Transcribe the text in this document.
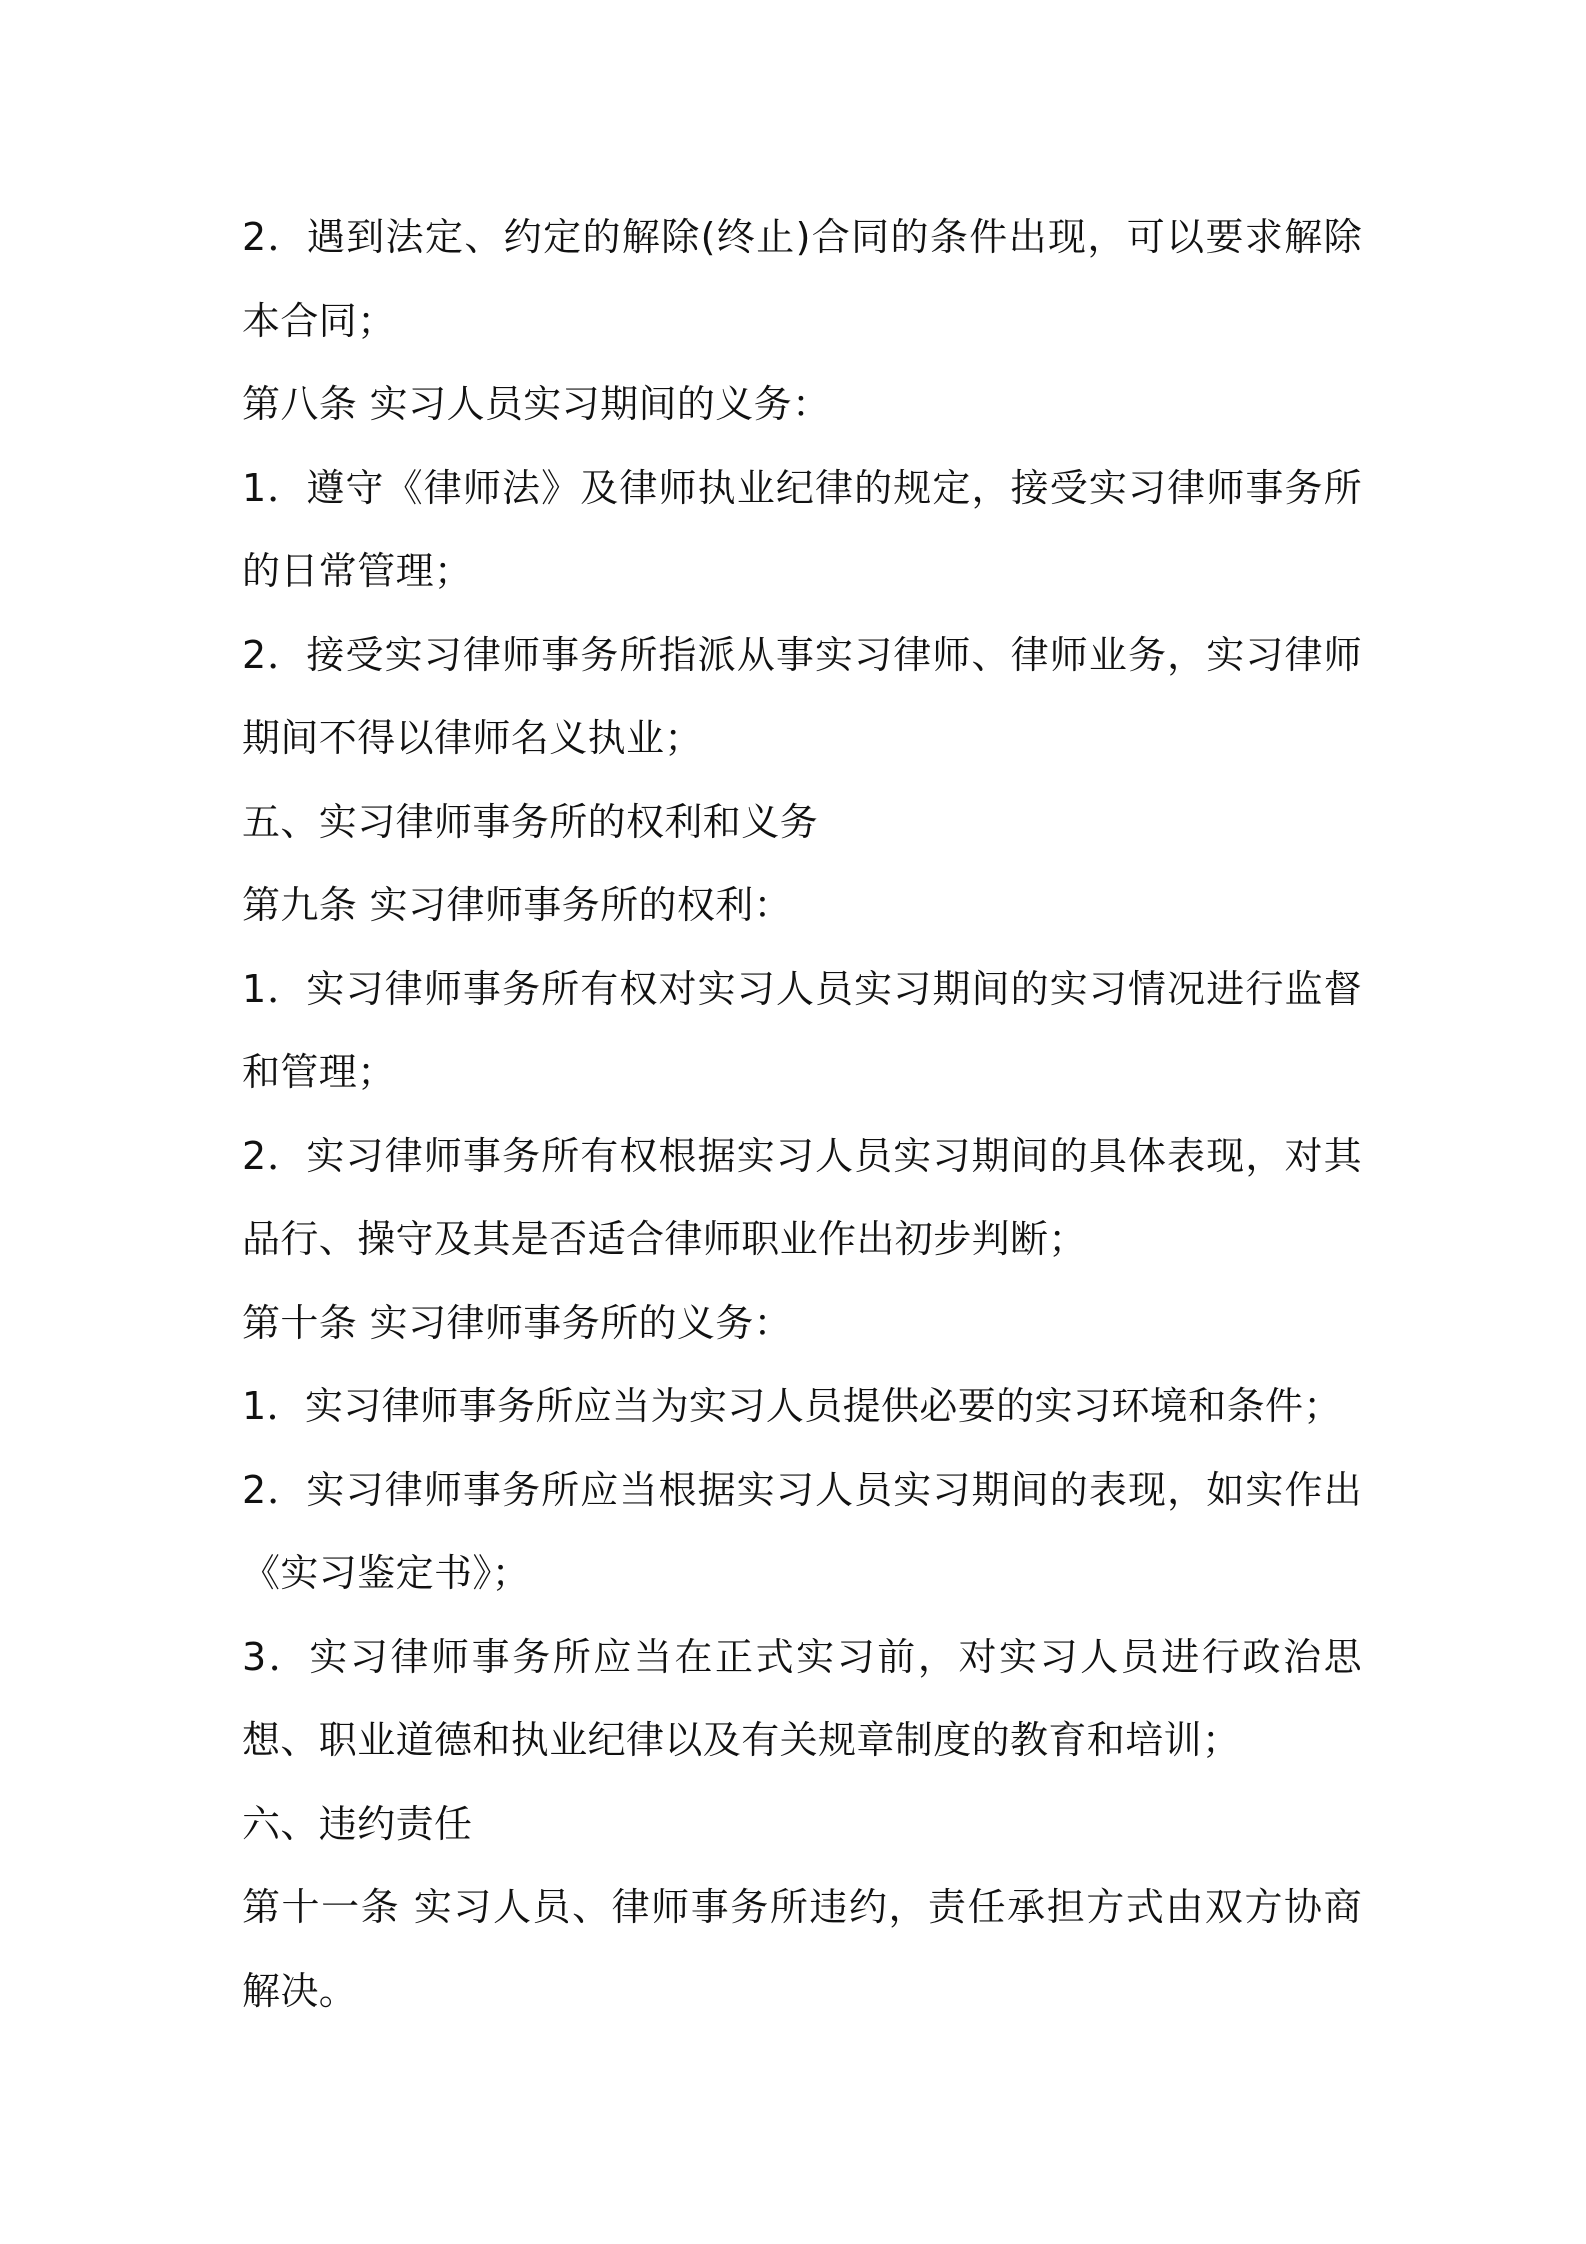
2．遇到法定、约定的解除(终止)合同的条件出现，可以要求解除本合同；

第八条 实习人员实习期间的义务：

1．遵守《律师法》及律师执业纪律的规定，接受实习律师事务所的日常管理；

2．接受实习律师事务所指派从事实习律师、律师业务，实习律师期间不得以律师名义执业；

五、实习律师事务所的权利和义务

第九条 实习律师事务所的权利：

1．实习律师事务所有权对实习人员实习期间的实习情况进行监督和管理；

2．实习律师事务所有权根据实习人员实习期间的具体表现，对其品行、操守及其是否适合律师职业作出初步判断；

第十条 实习律师事务所的义务：

1．实习律师事务所应当为实习人员提供必要的实习环境和条件；

2．实习律师事务所应当根据实习人员实习期间的表现，如实作出《实习鉴定书》；

3．实习律师事务所应当在正式实习前，对实习人员进行政治思想、职业道德和执业纪律以及有关规章制度的教育和培训；

六、违约责任

第十一条 实习人员、律师事务所违约，责任承担方式由双方协商解决。
